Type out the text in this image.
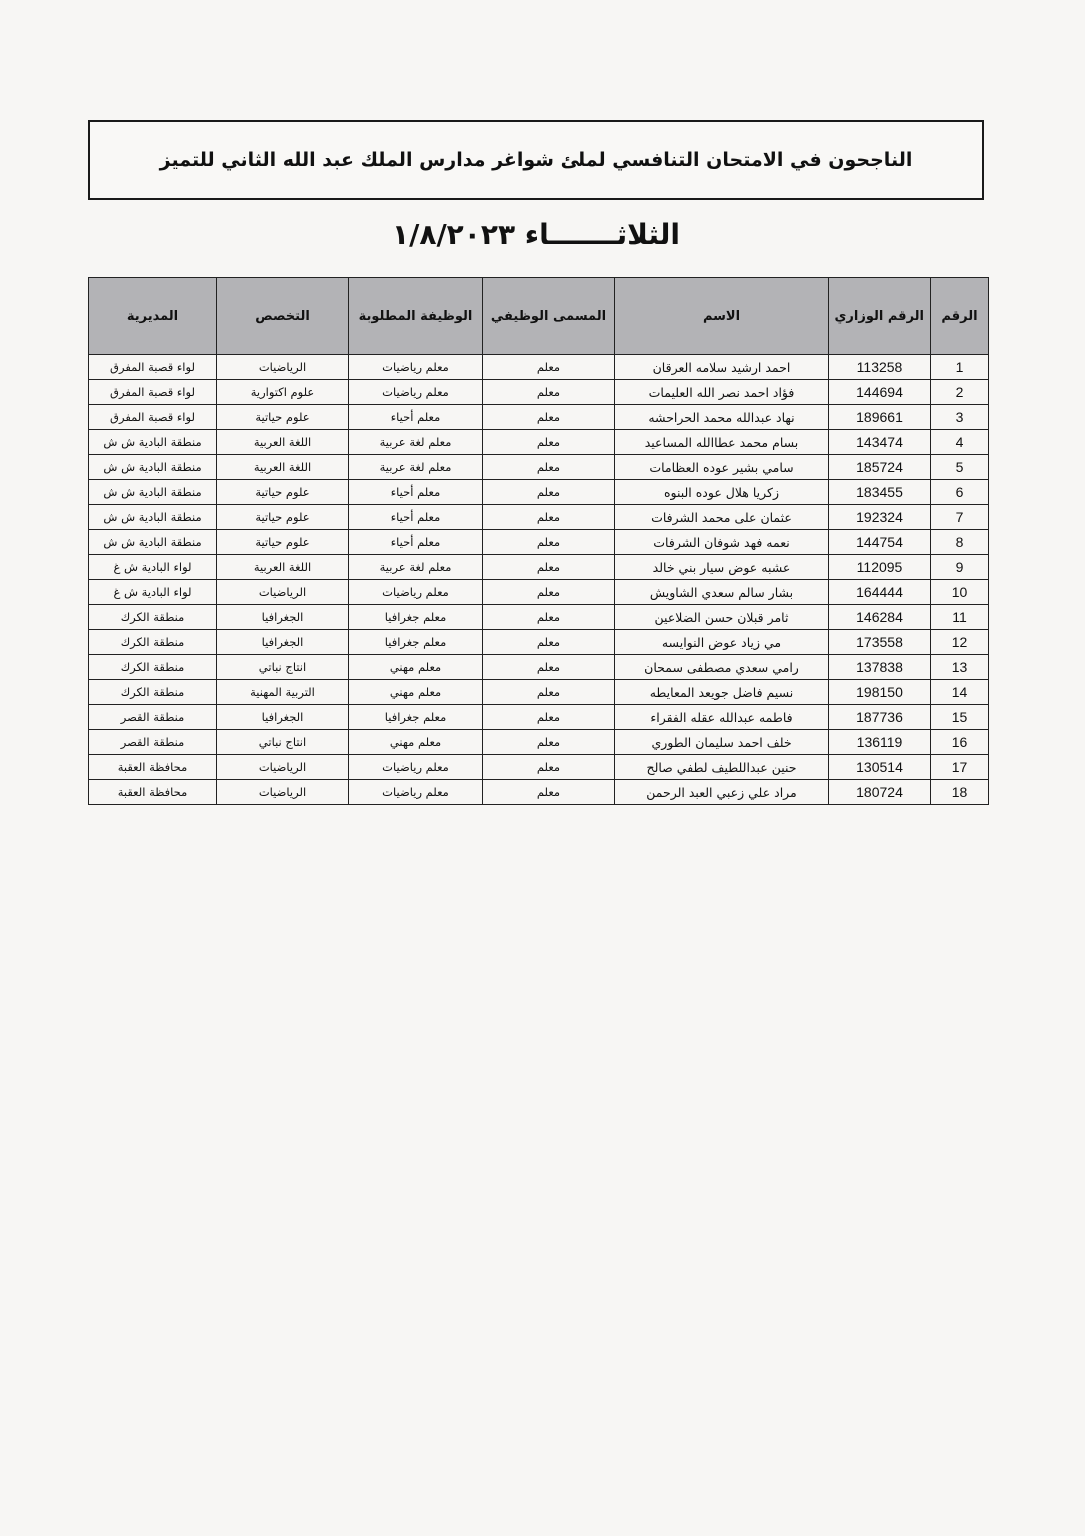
الناجحون في الامتحان التنافسي لملئ شواغر مدارس الملك عبد الله الثاني للتميز
الثلاثـــــــاء ١/٨/٢٠٢٣
الرقم	الرقم الوزاري	الاسم	المسمى الوظيفي	الوظيفة المطلوبة	التخصص	المديرية
1	113258	احمد ارشيد سلامه العرقان	معلم	معلم رياضيات	الرياضيات	لواء قصبة المفرق
2	144694	فؤاد احمد نصر الله العليمات	معلم	معلم رياضيات	علوم اكتوارية	لواء قصبة المفرق
3	189661	نهاد عبدالله محمد الحراحشه	معلم	معلم أحياء	علوم حياتية	لواء قصبة المفرق
4	143474	بسام محمد عطاالله المساعيد	معلم	معلم لغة عربية	اللغة العربية	منطقة البادية ش ش
5	185724	سامي بشير عوده العظامات	معلم	معلم لغة عربية	اللغة العربية	منطقة البادية ش ش
6	183455	زكريا هلال عوده البنوه	معلم	معلم أحياء	علوم حياتية	منطقة البادية ش ش
7	192324	عثمان على محمد الشرفات	معلم	معلم أحياء	علوم حياتية	منطقة البادية ش ش
8	144754	نعمه فهد شوفان الشرفات	معلم	معلم أحياء	علوم حياتية	منطقة البادية ش ش
9	112095	عشبه عوض سيار بني خالد	معلم	معلم لغة عربية	اللغة العربية	لواء البادية ش غ
10	164444	بشار سالم سعدي الشاويش	معلم	معلم رياضيات	الرياضيات	لواء البادية ش غ
11	146284	ثامر قبلان حسن الضلاعين	معلم	معلم جغرافيا	الجغرافيا	منطقة الكرك
12	173558	مي زياد عوض النوايسه	معلم	معلم جغرافيا	الجغرافيا	منطقة الكرك
13	137838	رامي سعدي مصطفى سمحان	معلم	معلم مهني	انتاج نباتي	منطقة الكرك
14	198150	نسيم فاضل جويعد المعايطه	معلم	معلم مهني	التربية المهنية	منطقة الكرك
15	187736	فاطمه عبدالله عقله الفقراء	معلم	معلم جغرافيا	الجغرافيا	منطقة القصر
16	136119	خلف احمد سليمان الطوري	معلم	معلم مهني	انتاج نباتي	منطقة القصر
17	130514	حنين عبداللطيف لطفي صالح	معلم	معلم رياضيات	الرياضيات	محافظة العقبة
18	180724	مراد علي زعبي العبد الرحمن	معلم	معلم رياضيات	الرياضيات	محافظة العقبة
